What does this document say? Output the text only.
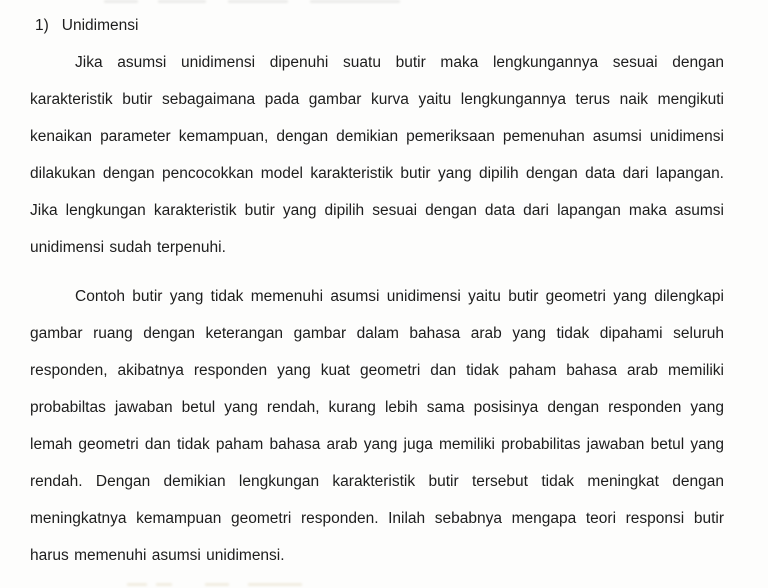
1) Unidimensi

Jika asumsi unidimensi dipenuhi suatu butir maka lengkungannya sesuai dengan karakteristik butir sebagaimana pada gambar kurva yaitu lengkungannya terus naik mengikuti kenaikan parameter kemampuan, dengan demikian pemeriksaan pemenuhan asumsi unidimensi dilakukan dengan pencocokkan model karakteristik butir yang dipilih dengan data dari lapangan. Jika lengkungan karakteristik butir yang dipilih sesuai dengan data dari lapangan maka asumsi unidimensi sudah terpenuhi.

Contoh butir yang tidak memenuhi asumsi unidimensi yaitu butir geometri yang dilengkapi gambar ruang dengan keterangan gambar dalam bahasa arab yang tidak dipahami seluruh responden, akibatnya responden yang kuat geometri dan tidak paham bahasa arab memiliki probabiltas jawaban betul yang rendah, kurang lebih sama posisinya dengan responden yang lemah geometri dan tidak paham bahasa arab yang juga memiliki probabilitas jawaban betul yang rendah. Dengan demikian lengkungan karakteristik butir tersebut tidak meningkat dengan meningkatnya kemampuan geometri responden. Inilah sebabnya mengapa teori responsi butir harus memenuhi asumsi unidimensi.
